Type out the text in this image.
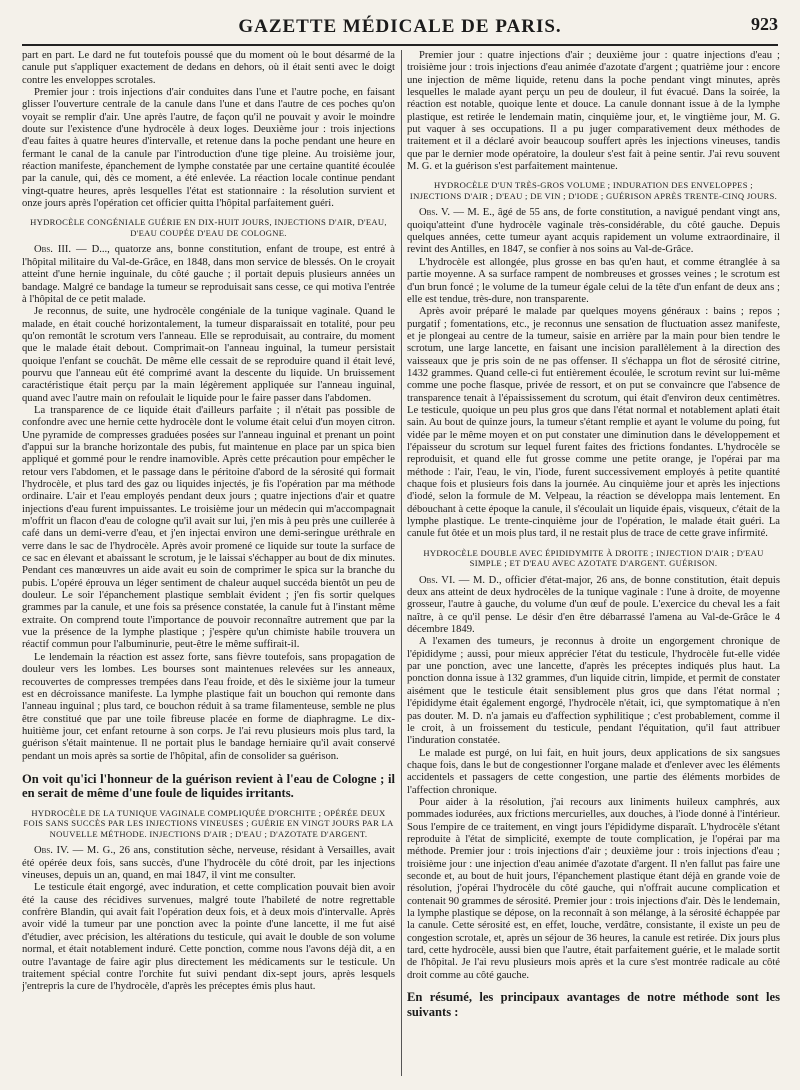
GAZETTE MÉDICALE DE PARIS.	923

part en part. Le dard ne fut toutefois poussé que du moment où le bout désarmé de la canule put s'appliquer exactement de dedans en dehors, où il était senti avec le doigt contre les enveloppes scrotales.

Premier jour : trois injections d'air conduites dans l'une et l'autre poche, en faisant glisser l'ouverture centrale de la canule dans l'une et dans l'autre de ces poches qu'on voyait se remplir d'air. Une après l'autre, de façon qu'il ne pouvait y avoir le moindre doute sur l'existence d'une hydrocèle à deux loges. Deuxième jour : trois injections d'eau faites à quatre heures d'intervalle, et retenue dans la poche pendant une heure en fermant le canal de la canule par l'introduction d'une tige pleine. Au troisième jour, réaction manifeste, épanchement de lymphe constatée par une certaine quantité écoulée par la canule, qui, dès ce moment, a été enlevée. La réaction locale continue pendant vingt-quatre heures, après lesquelles l'état est stationnaire : la résolution survient et onze jours après l'opération cet officier quitta l'hôpital parfaitement guéri.

HYDROCÈLE CONGÉNIALE GUÉRIE EN DIX-HUIT JOURS, INJECTIONS D'AIR, D'EAU, D'EAU COUPÉE D'EAU DE COLOGNE.

Obs. III. — D..., quatorze ans, bonne constitution, enfant de troupe, est entré à l'hôpital militaire du Val-de-Grâce, en 1848, dans mon service de blessés. On le croyait atteint d'une hernie inguinale, du côté gauche ; il portait depuis plusieurs années un bandage. Malgré ce bandage la tumeur se reproduisait sans cesse, ce qui motiva l'entrée à l'hôpital de ce petit malade.

Je reconnus, de suite, une hydrocèle congéniale de la tunique vaginale. Quand le malade, en était couché horizontalement, la tumeur disparaissait en totalité, pour peu qu'on remontât le scrotum vers l'anneau. Elle se reproduisait, au contraire, du moment que le malade était debout. Comprimait-on l'anneau inguinal, la tumeur persistait quoique l'enfant se couchât. De même elle cessait de se reproduire quand il était levé, pourvu que l'anneau eût été comprimé avant la descente du liquide. Un bruissement caractéristique était perçu par la main légèrement appliquée sur l'anneau inguinal, quand avec l'autre main on refoulait le liquide pour le faire passer dans l'abdomen.

La transparence de ce liquide était d'ailleurs parfaite ; il n'était pas possible de confondre avec une hernie cette hydrocèle dont le volume était celui d'un moyen citron. Une pyramide de compresses graduées posées sur l'anneau inguinal et prenant un point d'appui sur la branche horizontale des pubis, fut maintenue en place par un spica bien appliqué et gommé pour le rendre inamovible. Après cette précaution pour empêcher le retour vers l'abdomen, et le passage dans le péritoine d'abord de la sérosité qui formait l'hydrocèle, et plus tard des gaz ou liquides injectés, je fis l'opération par ma méthode ordinaire. L'air et l'eau employés pendant deux jours ; quatre injections d'air et quatre injections d'eau furent impuissantes. Le troisième jour un médecin qui m'accompagnait m'offrit un flacon d'eau de cologne qu'il avait sur lui, j'en mis à peu près une cuillerée à café dans un demi-verre d'eau, et j'en injectai environ une demi-seringue uréthrale en verre dans le sac de l'hydrocèle. Après avoir promené ce liquide sur toute la surface de ce sac en élevant et abaissant le scrotum, je le laissai s'échapper au bout de dix minutes. Pendant ces manœuvres un aide avait eu soin de comprimer le spica sur la branche du pubis. L'opéré éprouva un léger sentiment de chaleur auquel succéda bientôt un peu de douleur. Le soir l'épanchement plastique semblait évident ; j'en fis sortir quelques grammes par la canule, et une fois sa présence constatée, la canule fut à l'instant même extraite. On comprend toute l'importance de pouvoir reconnaître autrement que par la vue la présence de la lymphe plastique ; j'espère qu'un chimiste habile trouvera un réactif commun pour l'albuminurie, peut-être le même suffirait-il.

Le lendemain la réaction est assez forte, sans fièvre toutefois, sans propagation de douleur vers les lombes. Les bourses sont maintenues relevées sur les anneaux, recouvertes de compresses trempées dans l'eau froide, et dès le sixième jour la tumeur est en décroissance manifeste. La lymphe plastique fait un bouchon qui remonte dans l'anneau inguinal ; plus tard, ce bouchon réduit à sa trame filamenteuse, semble ne plus être constitué que par une toile fibreuse placée en forme de diaphragme. Le dix-huitième jour, cet enfant retourne à son corps. Je l'ai revu plusieurs mois plus tard, la guérison s'était maintenue. Il ne portait plus le bandage herniaire qu'il avait conservé pendant un mois après sa sortie de l'hôpital, afin de consolider sa guérison.

On voit qu'ici l'honneur de la guérison revient à l'eau de Cologne ; il en serait de même d'une foule de liquides irritants.
HYDROCÈLE DE LA TUNIQUE VAGINALE COMPLIQUÉE D'ORCHITE ; OPÉRÉE DEUX FOIS SANS SUCCÈS PAR LES INJECTIONS VINEUSES ; GUÉRIE EN VINGT JOURS PAR LA NOUVELLE MÉTHODE. INJECTIONS D'AIR ; D'EAU ; D'AZOTATE D'ARGENT.

Obs. IV. — M. G., 26 ans, constitution sèche, nerveuse, résidant à Versailles, avait été opérée deux fois, sans succès, d'une l'hydrocèle du côté droit, par les injections vineuses, depuis un an, quand, en mai 1847, il vint me consulter.

Le testicule était engorgé, avec induration, et cette complication pouvait bien avoir été la cause des récidives survenues, malgré toute l'habileté de notre regrettable confrère Blandin, qui avait fait l'opération deux fois, et à deux mois d'intervalle. Après avoir vidé la tumeur par une ponction avec la pointe d'une lancette, il me fut aisé d'étudier, avec précision, les altérations du testicule, qui avait le double de son volume normal, et était notablement induré. Cette ponction, comme nous l'avons déjà dit, a en outre l'avantage de faire agir plus directement les médicaments sur le testicule. Un traitement spécial contre l'orchite fut suivi pendant dix-sept jours, après lesquels j'entrepris la cure de l'hydrocèle, d'après les préceptes émis plus haut.

Premier jour : quatre injections d'air ; deuxième jour : quatre injections d'eau ; troisième jour : trois injections d'eau animée d'azotate d'argent ; quatrième jour : encore une injection de même liquide, retenu dans la poche pendant vingt minutes, après lesquelles le malade ayant perçu un peu de douleur, il fut évacué. Dans la soirée, la réaction est notable, quoique lente et douce. La canule donnant issue à de la lymphe plastique, est retirée le lendemain matin, cinquième jour, et, le vingtième jour, M. G. put vaquer à ses occupations. Il a pu juger comparativement deux méthodes de traitement et il a déclaré avoir beaucoup souffert après les injections vineuses, tandis que par le dernier mode opératoire, la douleur s'est fait à peine sentir. J'ai revu souvent M. G. et la guérison s'est parfaitement maintenue.

HYDROCÈLE D'UN TRÈS-GROS VOLUME ; INDURATION DES ENVELOPPES ; INJECTIONS D'AIR ; D'EAU ; DE VIN ; D'IODE ; GUÉRISON APRÈS TRENTE-CINQ JOURS.

Obs. V. — M. E., âgé de 55 ans, de forte constitution, a navigué pendant vingt ans, quoiqu'atteint d'une hydrocèle vaginale très-considérable, du côté gauche. Depuis quelques années, cette tumeur ayant acquis rapidement un volume extraordinaire, il revint des Antilles, en 1847, se confier à nos soins au Val-de-Grâce.

L'hydrocèle est allongée, plus grosse en bas qu'en haut, et comme étranglée à sa partie moyenne. A sa surface rampent de nombreuses et grosses veines ; le scrotum est d'un brun foncé ; le volume de la tumeur égale celui de la tête d'un enfant de deux ans ; elle est tendue, très-dure, non transparente.

Après avoir préparé le malade par quelques moyens généraux : bains ; repos ; purgatif ; fomentations, etc., je reconnus une sensation de fluctuation assez manifeste, et je plongeai au centre de la tumeur, saisie en arrière par la main pour bien tendre le scrotum, une large lancette, en faisant une incision parallèlement à la direction des vaisseaux que je pris soin de ne pas offenser. Il s'échappa un flot de sérosité citrine, 1432 grammes. Quand celle-ci fut entièrement écoulée, le scrotum revint sur lui-même comme une poche flasque, privée de ressort, et on put se convaincre que l'absence de transparence tenait à l'épaississement du scrotum, qui était d'environ deux centimètres. Le testicule, quoique un peu plus gros que dans l'état normal et notablement aplati était sain. Au bout de quinze jours, la tumeur s'étant remplie et ayant le volume du poing, fut vidée par le même moyen et on put constater une diminution dans le développement et l'épaisseur du scrotum sur lequel furent faites des frictions fondantes. L'hydrocèle se reproduisit, et quand elle fut grosse comme une petite orange, je l'opérai par ma méthode : l'air, l'eau, le vin, l'iode, furent successivement employés à petite quantité chaque fois et plusieurs fois dans la journée. Au cinquième jour et après les injections d'iodé, selon la formule de M. Velpeau, la réaction se développa mais lentement. En débouchant à cette époque la canule, il s'écoulait un liquide épais, visqueux, c'était de la lymphe plastique. Le trente-cinquième jour de l'opération, le malade était guéri. La canule fut ôtée et un mois plus tard, il ne restait plus de trace de cette grave infirmité.

HYDROCÈLE DOUBLE AVEC ÉPIDIDYMITE À DROITE ; INJECTION D'AIR ; D'EAU SIMPLE ; ET D'EAU AVEC AZOTATE D'ARGENT. GUÉRISON.

Obs. VI. — M. D., officier d'état-major, 26 ans, de bonne constitution, était depuis deux ans atteint de deux hydrocèles de la tunique vaginale : l'une à droite, de moyenne grosseur, l'autre à gauche, du volume d'un œuf de poule. L'exercice du cheval les a fait naître, à ce qu'il pense. Le désir d'en être débarrassé l'amena au Val-de-Grâce le 4 décembre 1849.

A l'examen des tumeurs, je reconnus à droite un engorgement chronique de l'épididyme ; aussi, pour mieux apprécier l'état du testicule, l'hydrocèle fut-elle vidée par une ponction, avec une lancette, d'après les préceptes indiqués plus haut. La ponction donna issue à 132 grammes, d'un liquide citrin, limpide, et permit de constater aisément que le testicule était sensiblement plus gros que dans l'état normal ; l'épididyme était également engorgé, l'hydrocèle n'était, ici, que symptomatique à n'en pas douter. M. D. n'a jamais eu d'affection syphilitique ; c'est probablement, comme il le croit, à un froissement du testicule, pendant l'équitation, qu'il faut attribuer l'induration constatée.

Le malade est purgé, on lui fait, en huit jours, deux applications de six sangsues chaque fois, dans le but de congestionner l'organe malade et d'enlever avec les éléments accidentels et passagers de cette congestion, une partie des éléments morbides de l'affection chronique.

Pour aider à la résolution, j'ai recours aux liniments huileux camphrés, aux pommades iodurées, aux frictions mercurielles, aux douches, à l'iode donné à l'intérieur. Sous l'empire de ce traitement, en vingt jours l'épididyme disparaît. L'hydrocèle s'étant reproduite à l'état de simplicité, exempte de toute complication, je l'opérai par ma méthode. Premier jour : trois injections d'air ; deuxième jour : trois injections d'eau ; troisième jour : une injection d'eau animée d'azotate d'argent. Il n'en fallut pas faire une seconde et, au bout de huit jours, l'épanchement plastique étant déjà en grande voie de résolution, j'opérai l'hydrocèle du côté gauche, qui n'offrait aucune complication et contenait 90 grammes de sérosité. Premier jour : trois injections d'air. Dès le lendemain, la lymphe plastique se dépose, on la reconnaît à son mélange, à la sérosité échappée par la canule. Cette sérosité est, en effet, louche, verdâtre, consistante, il existe un peu de congestion scrotale, et, après un séjour de 36 heures, la canule est retirée. Dix jours plus tard, cette hydrocèle, aussi bien que l'autre, était parfaitement guérie, et le malade sortit de l'hôpital. Je l'ai revu plusieurs mois après et la cure s'est montrée radicale au côté droit comme au côté gauche.

En résumé, les principaux avantages de notre méthode sont les suivants :
